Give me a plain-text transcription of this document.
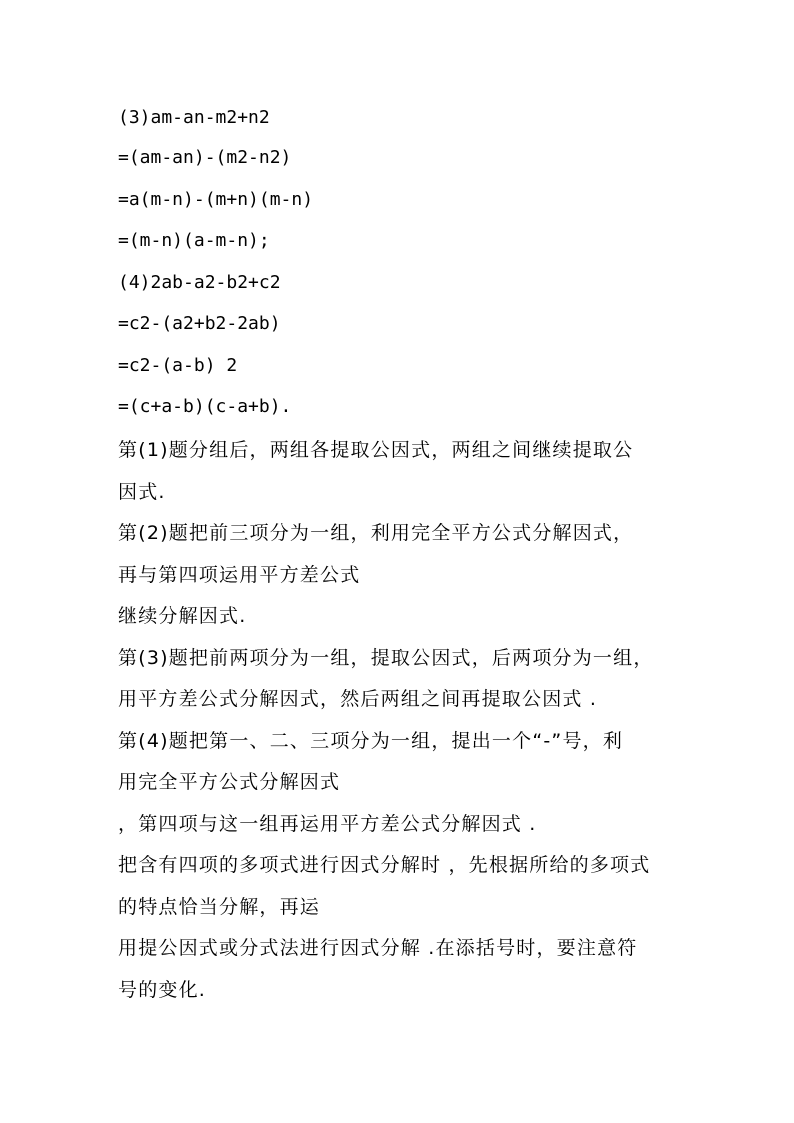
(3)am-an-m2+n2
=(am-an)-(m2-n2)
=a(m-n)-(m+n)(m-n)
=(m-n)(a-m-n);
(4)2ab-a2-b2+c2
=c2-(a2+b2-2ab)
=c2-(a-b) 2
=(c+a-b)(c-a+b).
第(1)题分组后，两组各提取公因式，两组之间继续提取公
因式.
第(2)题把前三项分为一组，利用完全平方公式分解因式，
再与第四项运用平方差公式
继续分解因式.
第(3)题把前两项分为一组，提取公因式，后两项分为一组，
用平方差公式分解因式，然后两组之间再提取公因式 .
第(4)题把第一、二、三项分为一组，提出一个“-”号，利
用完全平方公式分解因式
，第四项与这一组再运用平方差公式分解因式 .
把含有四项的多项式进行因式分解时 ，先根据所给的多项式
的特点恰当分解，再运
用提公因式或分式法进行因式分解 .在添括号时，要注意符
号的变化.
